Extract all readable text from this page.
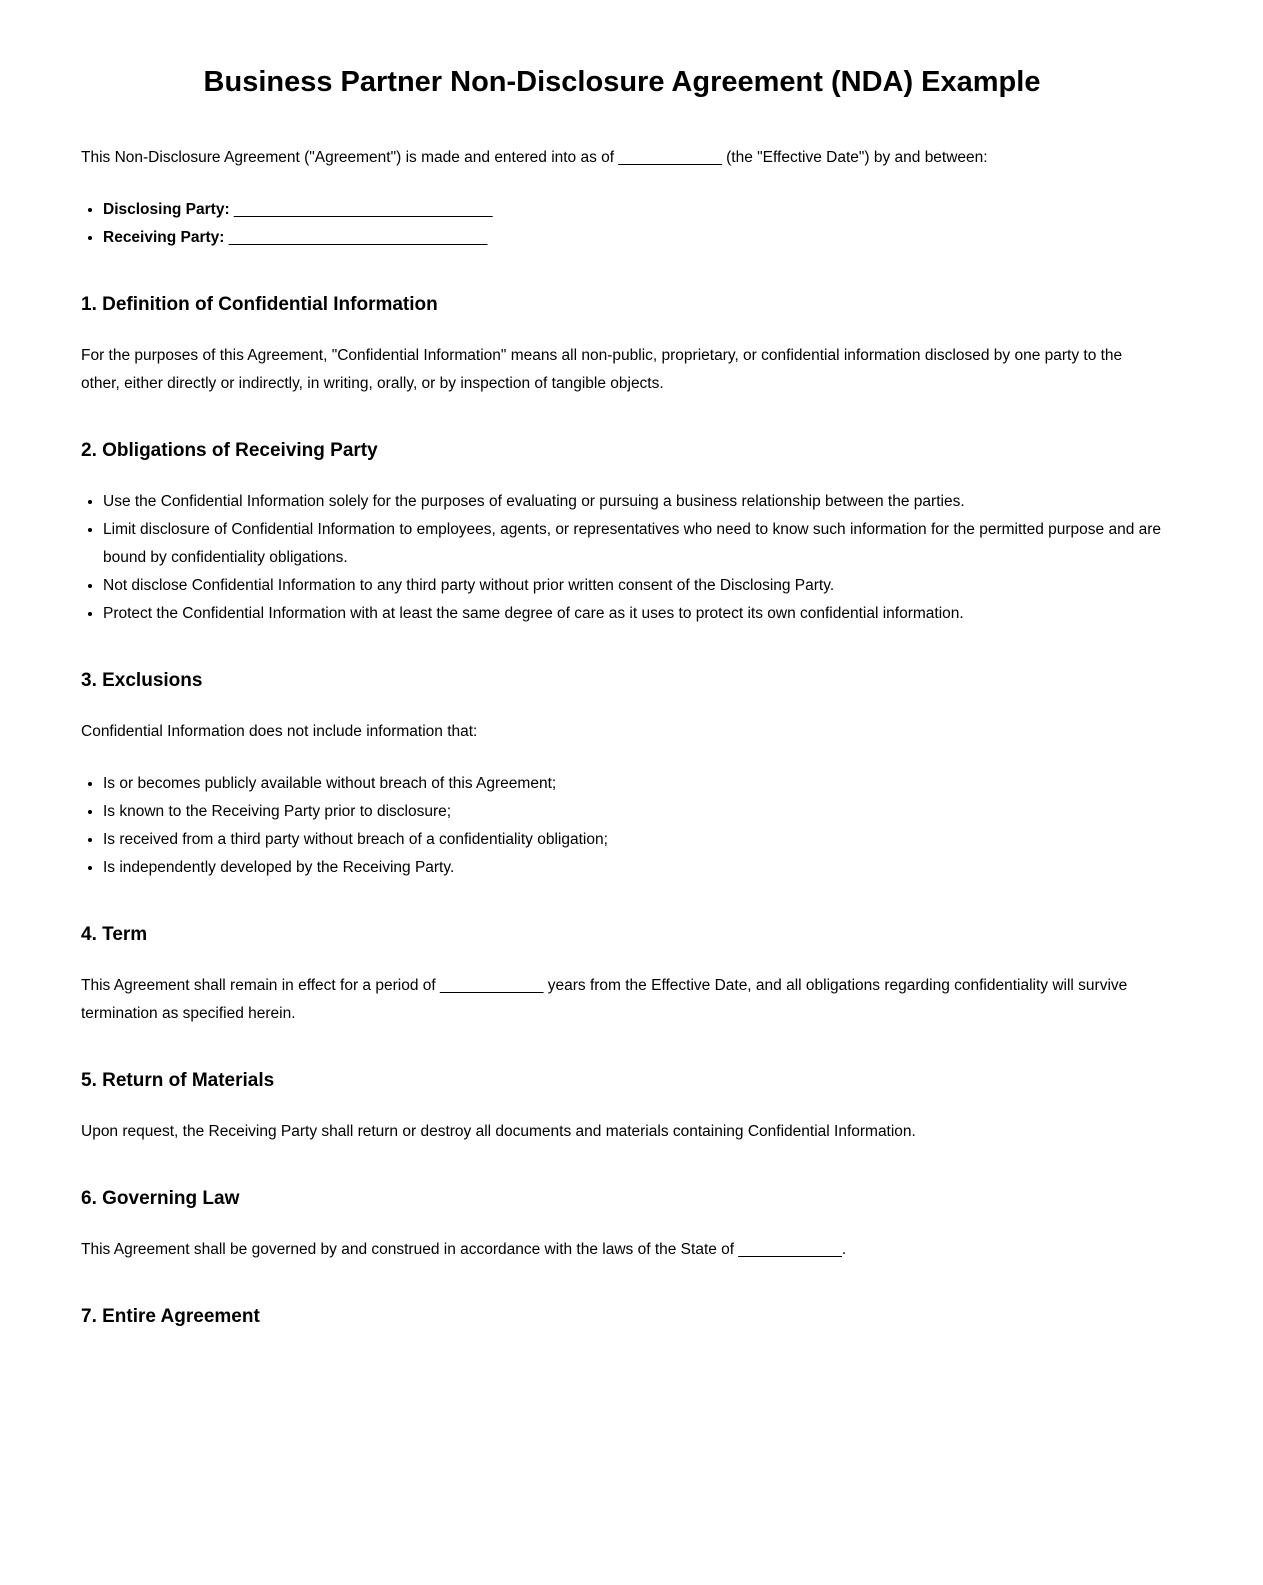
Business Partner Non-Disclosure Agreement (NDA) Example

This Non-Disclosure Agreement ("Agreement") is made and entered into as of ____________ (the "Effective Date") by and between:

• Disclosing Party: ______________________________
• Receiving Party: ______________________________
1. Definition of Confidential Information

For the purposes of this Agreement, "Confidential Information" means all non-public, proprietary, or confidential information disclosed by one party to the other, either directly or indirectly, in writing, orally, or by inspection of tangible objects.

2. Obligations of Receiving Party
• Use the Confidential Information solely for the purposes of evaluating or pursuing a business relationship between the parties.
• Limit disclosure of Confidential Information to employees, agents, or representatives who need to know such information for the permitted purpose and are bound by confidentiality obligations.
• Not disclose Confidential Information to any third party without prior written consent of the Disclosing Party.
• Protect the Confidential Information with at least the same degree of care as it uses to protect its own confidential information.
3. Exclusions

Confidential Information does not include information that:

• Is or becomes publicly available without breach of this Agreement;
• Is known to the Receiving Party prior to disclosure;
• Is received from a third party without breach of a confidentiality obligation;
• Is independently developed by the Receiving Party.
4. Term

This Agreement shall remain in effect for a period of ____________ years from the Effective Date, and all obligations regarding confidentiality will survive termination as specified herein.

5. Return of Materials

Upon request, the Receiving Party shall return or destroy all documents and materials containing Confidential Information.

6. Governing Law

This Agreement shall be governed by and construed in accordance with the laws of the State of ____________.

7. Entire Agreement
